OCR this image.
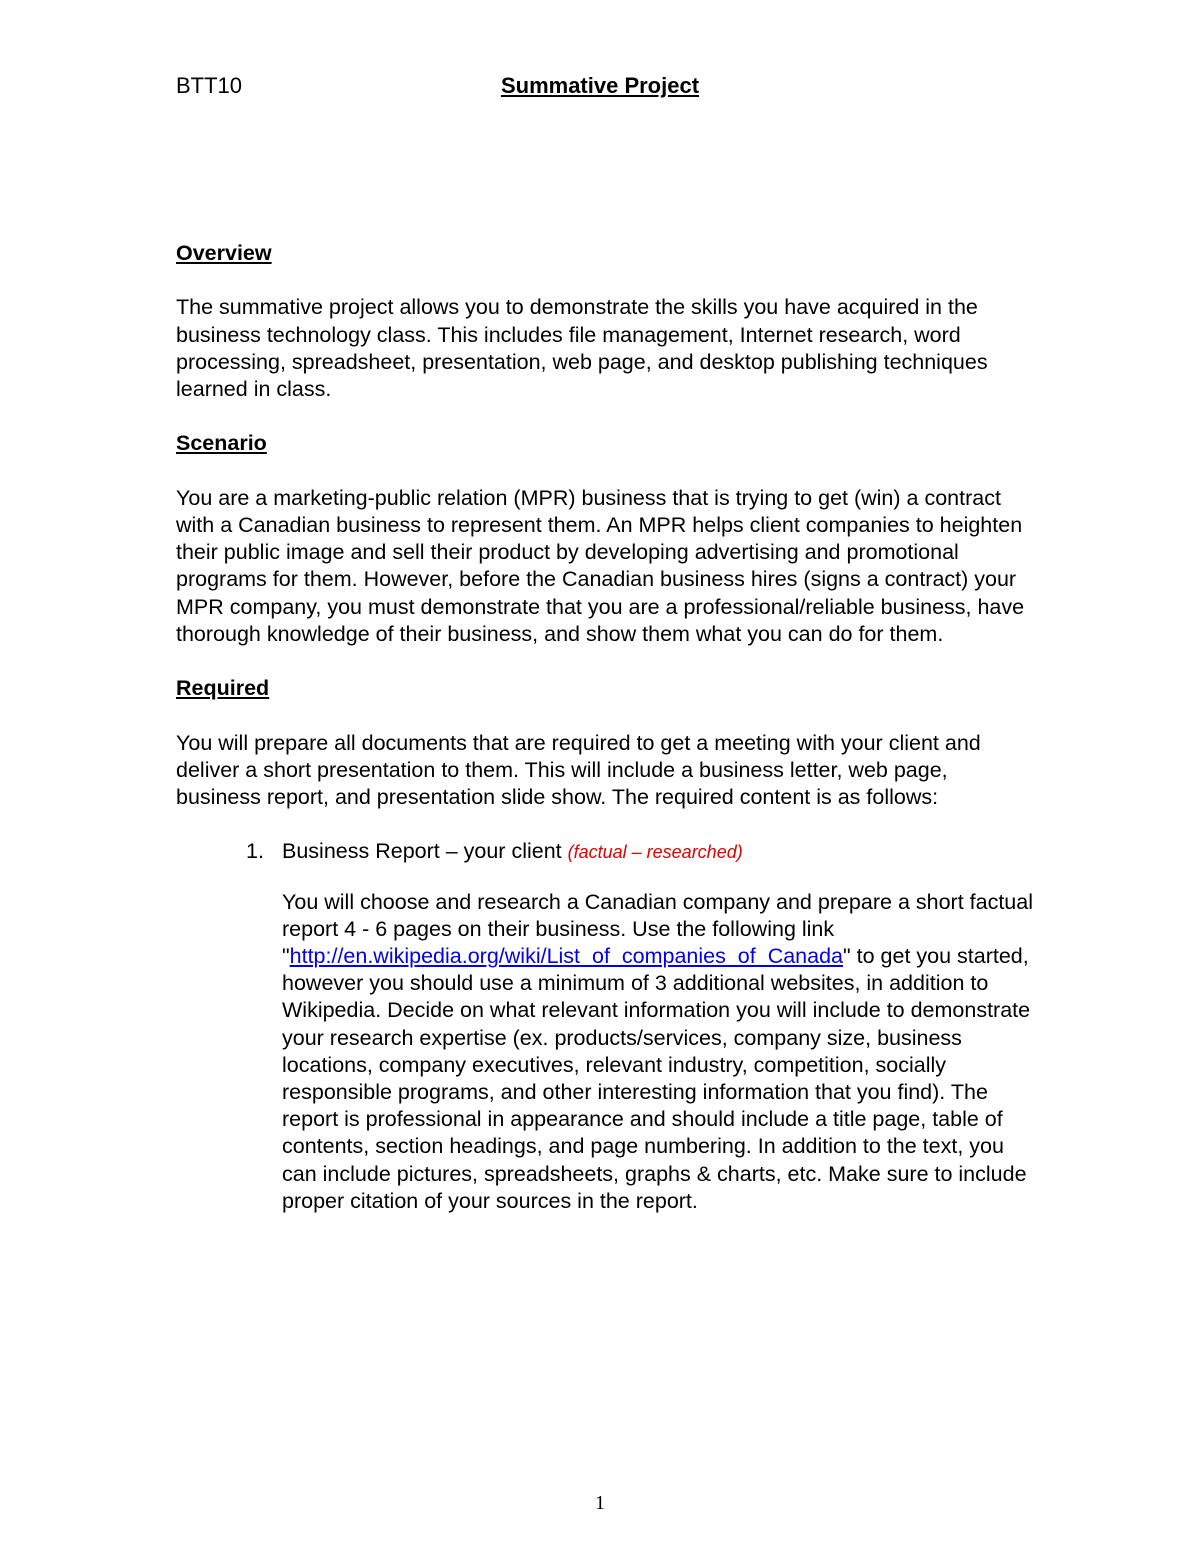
BTT10	Summative Project

Overview

The summative project allows you to demonstrate the skills you have acquired in the business technology class. This includes file management, Internet research, word processing, spreadsheet, presentation, web page, and desktop publishing techniques learned in class.

Scenario

You are a marketing-public relation (MPR) business that is trying to get (win) a contract with a Canadian business to represent them. An MPR helps client companies to heighten their public image and sell their product by developing advertising and promotional programs for them. However, before the Canadian business hires (signs a contract) your MPR company, you must demonstrate that you are a professional/reliable business, have thorough knowledge of their business, and show them what you can do for them.

Required

You will prepare all documents that are required to get a meeting with your client and deliver a short presentation to them. This will include a business letter, web page, business report, and presentation slide show. The required content is as follows:

1. Business Report – your client (factual – researched)

You will choose and research a Canadian company and prepare a short factual report 4 - 6 pages on their business. Use the following link "http://en.wikipedia.org/wiki/List_of_companies_of_Canada" to get you started, however you should use a minimum of 3 additional websites, in addition to Wikipedia. Decide on what relevant information you will include to demonstrate your research expertise (ex. products/services, company size, business locations, company executives, relevant industry, competition, socially responsible programs, and other interesting information that you find). The report is professional in appearance and should include a title page, table of contents, section headings, and page numbering. In addition to the text, you can include pictures, spreadsheets, graphs & charts, etc. Make sure to include proper citation of your sources in the report.

1
